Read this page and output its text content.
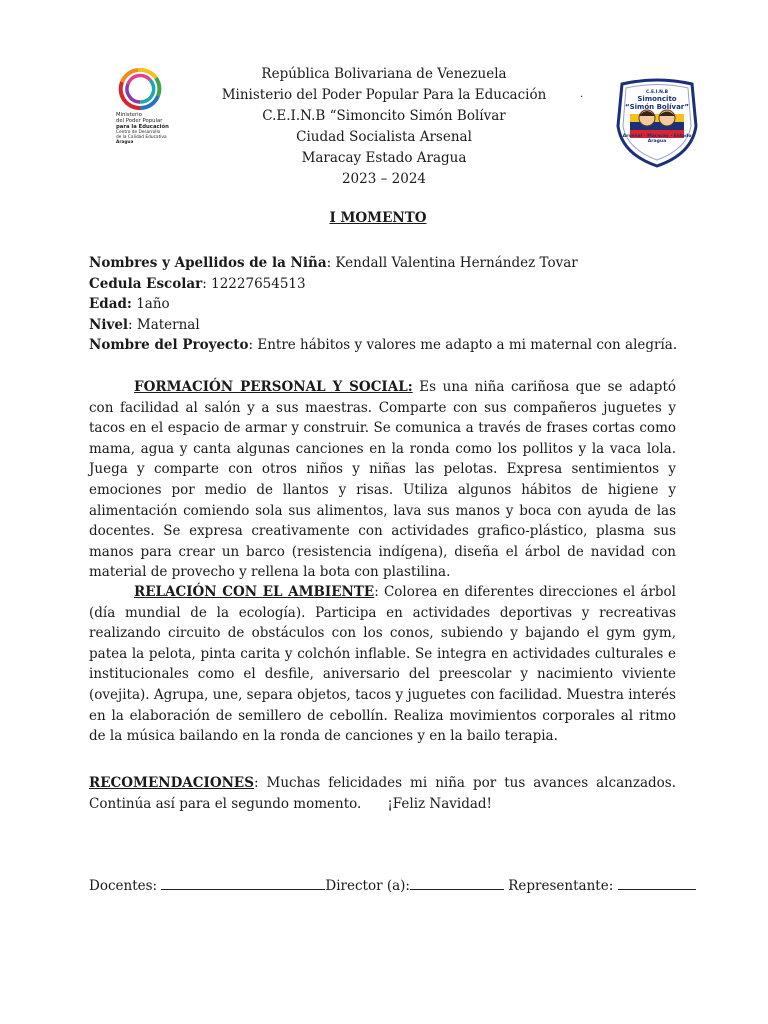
Ministerio
del Poder Popular
para la Educación
Centro de Desarrollo
de la Calidad Educativa
Aragua
República Bolivariana de Venezuela
Ministerio del Poder Popular Para la Educación
C.E.I.N.B “Simoncito Simón Bolívar
Ciudad Socialista Arsenal
Maracay Estado Aragua
2023 – 2024
·	C.E.I.N.B
Simoncito
“Simón Bolívar”
Arsenal · Maracay · Estado Aragua
I MOMENTO
Nombres y Apellidos de la Niña: Kendall Valentina Hernández Tovar
Cedula Escolar: 12227654513
Edad: 1año
Nivel: Maternal
Nombre del Proyecto: Entre hábitos y valores me adapto a mi maternal con alegría.
FORMACIÓN PERSONAL Y SOCIAL: Es una niña cariñosa que se adaptó con facilidad al salón y a sus maestras. Comparte con sus compañeros juguetes y tacos en el espacio de armar y construir. Se comunica a través de frases cortas como mama, agua y canta algunas canciones en la ronda como los pollitos y la vaca lola. Juega y comparte con otros niños y niñas las pelotas. Expresa sentimientos y emociones por medio de llantos y risas. Utiliza algunos hábitos de higiene y alimentación comiendo sola sus alimentos, lava sus manos y boca con ayuda de las docentes. Se expresa creativamente con actividades grafico-plástico, plasma sus manos para crear un barco (resistencia indígena), diseña el árbol de navidad con material de provecho y rellena la bota con plastilina.
RELACIÓN CON EL AMBIENTE: Colorea en diferentes direcciones el árbol (día mundial de la ecología). Participa en actividades deportivas y recreativas realizando circuito de obstáculos con los conos, subiendo y bajando el gym gym, patea la pelota, pinta carita y colchón inflable. Se integra en actividades culturales e institucionales como el desfile, aniversario del preescolar y nacimiento viviente (ovejita). Agrupa, une, separa objetos, tacos y juguetes con facilidad. Muestra interés en la elaboración de semillero de cebollín. Realiza movimientos corporales al ritmo de la música bailando en la ronda de canciones y en la bailo terapia.
RECOMENDACIONES: Muchas felicidades mi niña por tus avances alcanzados. Continúa así para el segundo momento. ¡Feliz Navidad!
Docentes:	Director (a):	Representante:
